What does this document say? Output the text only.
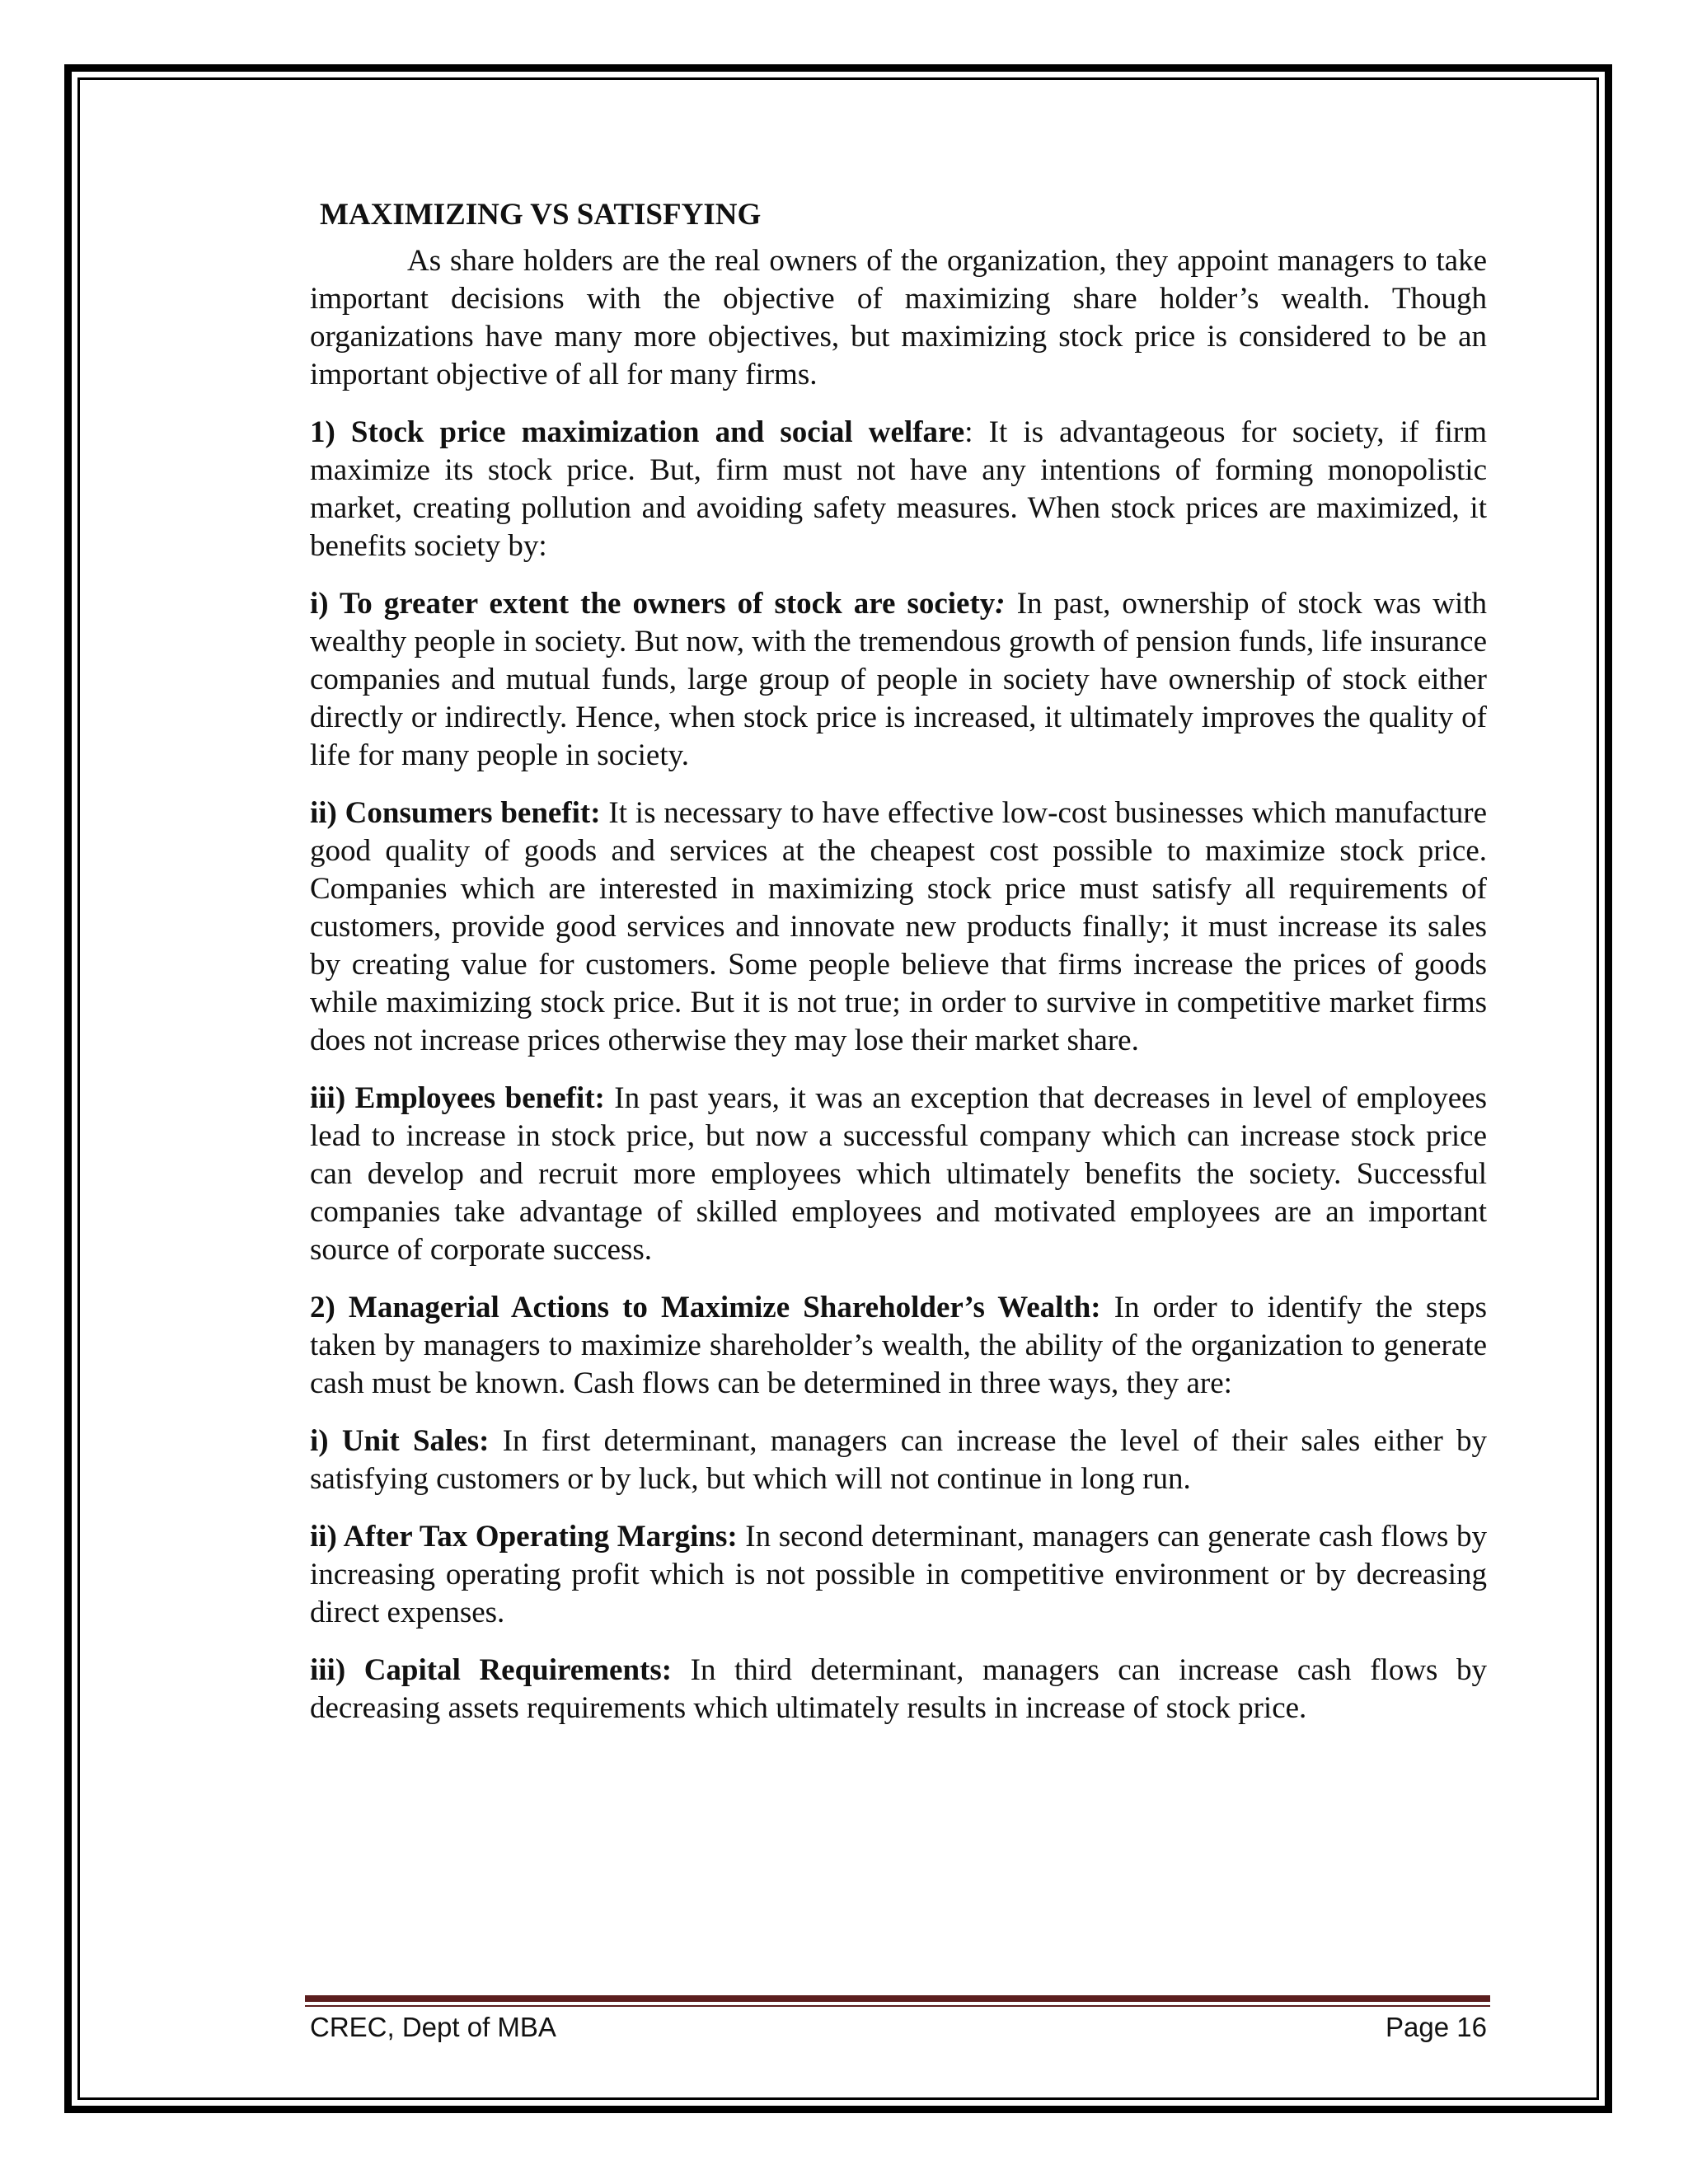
MAXIMIZING VS SATISFYING

As share holders are the real owners of the organization, they appoint managers to take important decisions with the objective of maximizing share holder’s wealth. Though organizations have many more objectives, but maximizing stock price is considered to be an important objective of all for many firms.

1) Stock price maximization and social welfare: It is advantageous for society, if firm maximize its stock price. But, firm must not have any intentions of forming monopolistic market, creating pollution and avoiding safety measures. When stock prices are maximized, it benefits society by:

i) To greater extent the owners of stock are society: In past, ownership of stock was with wealthy people in society. But now, with the tremendous growth of pension funds, life insurance companies and mutual funds, large group of people in society have ownership of stock either directly or indirectly. Hence, when stock price is increased, it ultimately improves the quality of life for many people in society.

ii) Consumers benefit: It is necessary to have effective low-cost businesses which manufacture good quality of goods and services at the cheapest cost possible to maximize stock price. Companies which are interested in maximizing stock price must satisfy all requirements of customers, provide good services and innovate new products finally; it must increase its sales by creating value for customers. Some people believe that firms increase the prices of goods while maximizing stock price. But it is not true; in order to survive in competitive market firms does not increase prices otherwise they may lose their market share.

iii) Employees benefit: In past years, it was an exception that decreases in level of employees lead to increase in stock price, but now a successful company which can increase stock price can develop and recruit more employees which ultimately benefits the society. Successful companies take advantage of skilled employees and motivated employees are an important source of corporate success.

2) Managerial Actions to Maximize Shareholder’s Wealth: In order to identify the steps taken by managers to maximize shareholder’s wealth, the ability of the organization to generate cash must be known. Cash flows can be determined in three ways, they are:

i) Unit Sales: In first determinant, managers can increase the level of their sales either by satisfying customers or by luck, but which will not continue in long run.

ii) After Tax Operating Margins: In second determinant, managers can generate cash flows by increasing operating profit which is not possible in competitive environment or by decreasing direct expenses.

iii) Capital Requirements: In third determinant, managers can increase cash flows by decreasing assets requirements which ultimately results in increase of stock price.

CREC, Dept of MBA	Page 16
